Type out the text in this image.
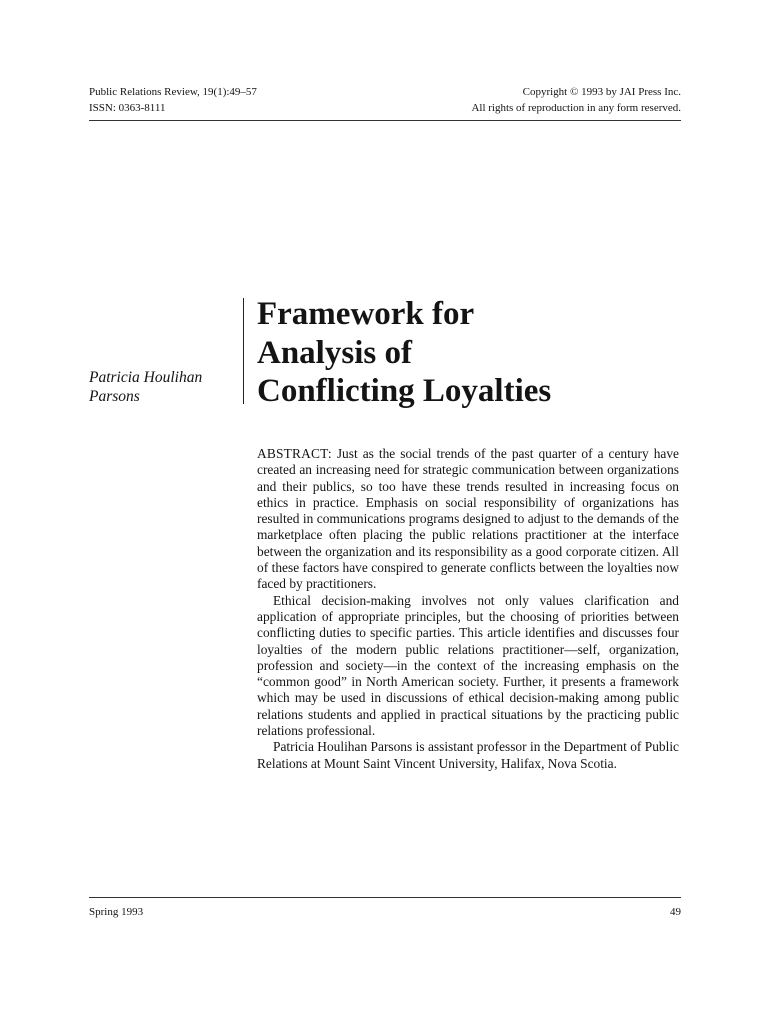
Public Relations Review, 19(1):49–57	Copyright © 1993 by JAI Press Inc.
ISSN: 0363-8111	All rights of reproduction in any form reserved.
Patricia Houlihan
Parsons
Framework for
Analysis of
Conflicting Loyalties

ABSTRACT: Just as the social trends of the past quarter of a century have created an increasing need for strategic communication between organizations and their publics, so too have these trends resulted in increasing focus on ethics in practice. Emphasis on social responsibility of organizations has resulted in communications programs designed to adjust to the demands of the marketplace often placing the public relations practitioner at the interface between the organization and its responsibility as a good corporate citizen. All of these factors have conspired to generate conflicts between the loyalties now faced by practitioners.

Ethical decision-making involves not only values clarification and application of appropriate principles, but the choosing of priorities between conflicting duties to specific parties. This article identifies and discusses four loyalties of the modern public relations practitioner—self, organization, profession and society—in the context of the increasing emphasis on the “common good” in North American society. Further, it presents a framework which may be used in discussions of ethical decision-making among public relations students and applied in practical situations by the practicing public relations professional.

Patricia Houlihan Parsons is assistant professor in the Department of Public Relations at Mount Saint Vincent University, Halifax, Nova Scotia.

Spring 1993	49
